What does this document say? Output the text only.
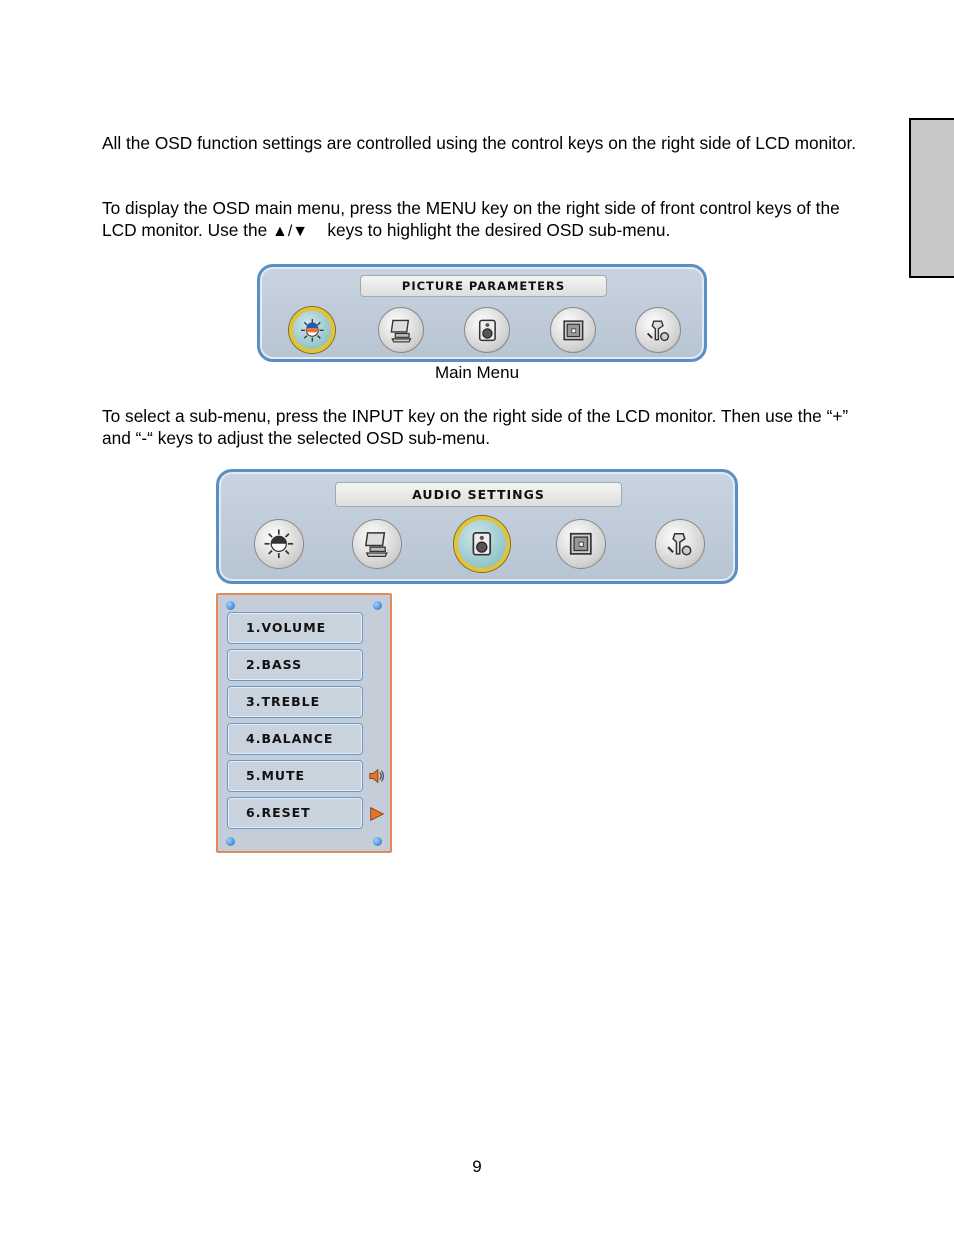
All the OSD function settings are controlled using the control keys on the right side of LCD monitor.

To display the OSD main menu, press the MENU key on the right side of front control keys of the LCD monitor. Use the ▲/▼    keys to highlight the desired OSD sub-menu.

PICTURE PARAMETERS
Main Menu

To select a sub-menu, press the INPUT key on the right side of the LCD monitor. Then use the “+” and “-“ keys to adjust the selected OSD sub-menu.

AUDIO SETTINGS
1.VOLUME
2.BASS
3.TREBLE
4.BALANCE
5.MUTE
6.RESET
9
